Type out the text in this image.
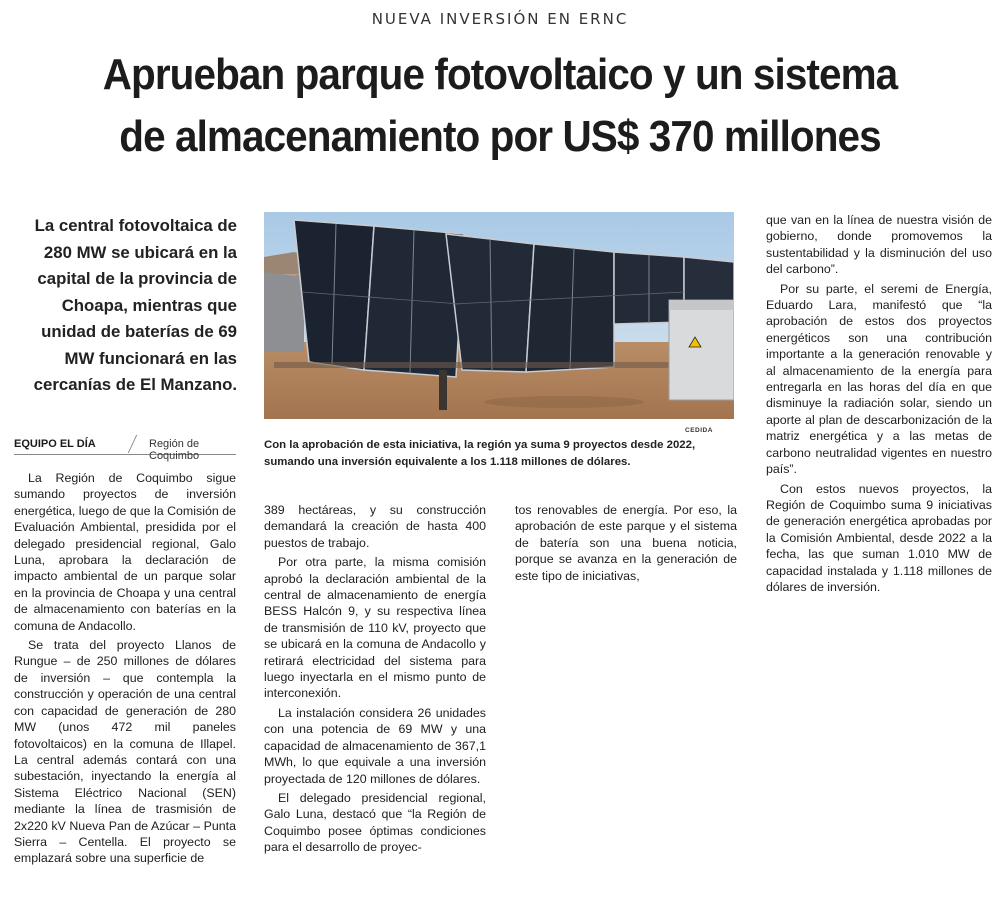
NUEVA INVERSIÓN EN ERNC
Aprueban parque fotovoltaico y un sistema
de almacenamiento por US$ 370 millones
La central fotovoltaica de 280 MW se ubicará en la capital de la provincia de Choapa, mientras que unidad de baterías de 69 MW funcionará en las cercanías de El Manzano.
EQUIPO EL DÍA	Región de Coquimbo
CEDIDA
Con la aprobación de esta iniciativa, la región ya suma 9 proyectos desde 2022, sumando una inversión equivalente a los 1.118 millones de dólares.

La Región de Coquimbo sigue sumando proyectos de inversión energética, luego de que la Comisión de Evaluación Ambiental, presidida por el delegado presidencial regional, Galo Luna, aprobara la declaración de impacto ambiental de un parque solar en la provincia de Choapa y una central de almacenamiento con baterías en la comuna de Andacollo.

Se trata del proyecto Llanos de Rungue – de 250 millones de dólares de inversión – que contempla la construcción y operación de una central con capacidad de generación de 280 MW (unos 472 mil paneles fotovoltaicos) en la comuna de Illapel. La central además contará con una subestación, inyectando la energía al Sistema Eléctrico Nacional (SEN) mediante la línea de trasmisión de 2x220 kV Nueva Pan de Azúcar – Punta Sierra – Centella. El proyecto se emplazará sobre una superficie de

389 hectáreas, y su construcción demandará la creación de hasta 400 puestos de trabajo.

Por otra parte, la misma comisión aprobó la declaración ambiental de la central de almacenamiento de energía BESS Halcón 9, y su respectiva línea de transmisión de 110 kV, proyecto que se ubicará en la comuna de Andacollo y retirará electricidad del sistema para luego inyectarla en el mismo punto de interconexión.

La instalación considera 26 unidades con una potencia de 69 MW y una capacidad de almacenamiento de 367,1 MWh, lo que equivale a una inversión proyectada de 120 millones de dólares.

El delegado presidencial regional, Galo Luna, destacó que “la Región de Coquimbo posee óptimas condiciones para el desarrollo de proyec-

tos renovables de energía. Por eso, la aprobación de este parque y el sistema de batería son una buena noticia, porque se avanza en la generación de este tipo de iniciativas,

que van en la línea de nuestra visión de gobierno, donde promovemos la sustentabilidad y la disminución del uso del carbono”.

Por su parte, el seremi de Energía, Eduardo Lara, manifestó que “la aprobación de estos dos proyectos energéticos son una contribución importante a la generación renovable y al almacenamiento de la energía para entregarla en las horas del día en que disminuye la radiación solar, siendo un aporte al plan de descarbonización de la matriz energética y a las metas de carbono neutralidad vigentes en nuestro país”.

Con estos nuevos proyectos, la Región de Coquimbo suma 9 iniciativas de generación energética aprobadas por la Comisión Ambiental, desde 2022 a la fecha, las que suman 1.010 MW de capacidad instalada y 1.118 millones de dólares de inversión.
